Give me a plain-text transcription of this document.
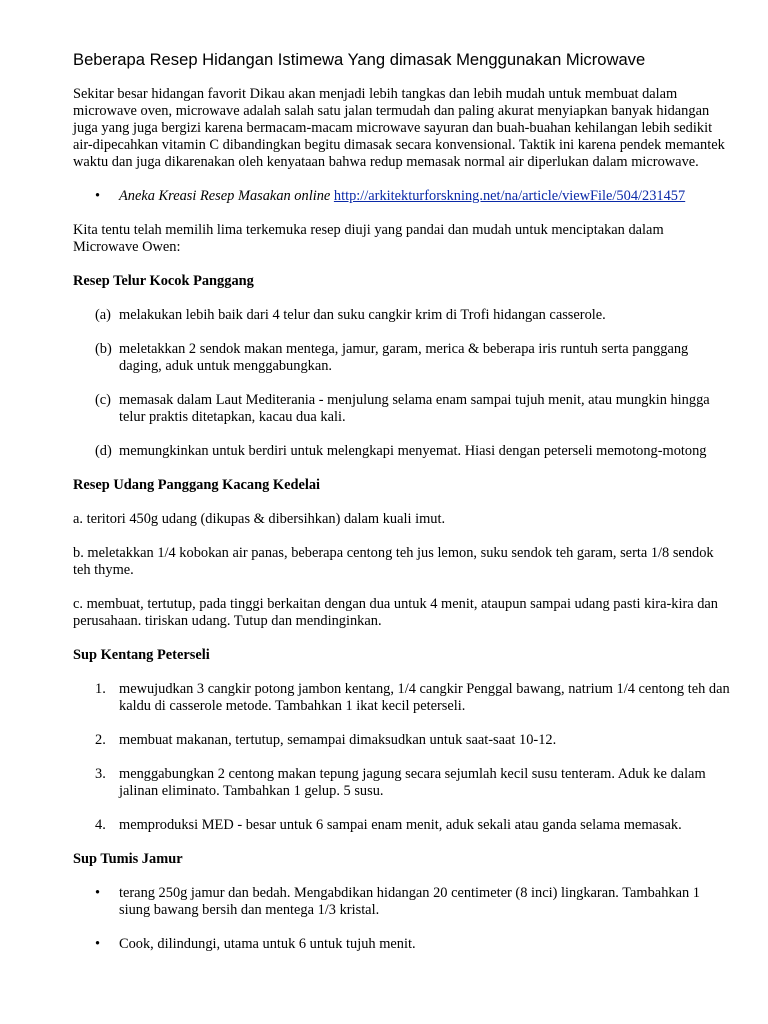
Beberapa Resep Hidangan Istimewa Yang dimasak Menggunakan Microwave

Sekitar besar hidangan favorit Dikau akan menjadi lebih tangkas dan lebih mudah untuk membuat dalam microwave oven, microwave adalah salah satu jalan termudah dan paling akurat menyiapkan banyak hidangan juga yang juga bergizi karena bermacam-macam microwave sayuran dan buah-buahan kehilangan lebih sedikit air-dipecahkan vitamin C dibandingkan begitu dimasak secara konvensional. Taktik ini karena pendek memantek waktu dan juga dikarenakan oleh kenyataan bahwa redup memasak normal air diperlukan dalam microwave.

• Aneka Kreasi Resep Masakan online http://arkitekturforskning.net/na/article/viewFile/504/231457

Kita tentu telah memilih lima terkemuka resep diuji yang pandai dan mudah untuk menciptakan dalam Microwave Owen:

Resep Telur Kocok Panggang
(a) melakukan lebih baik dari 4 telur dan suku cangkir krim di Trofi hidangan casserole.
(b) meletakkan 2 sendok makan mentega, jamur, garam, merica & beberapa iris runtuh serta panggang daging, aduk untuk menggabungkan.
(c) memasak dalam Laut Mediterania - menjulung selama enam sampai tujuh menit, atau mungkin hingga telur praktis ditetapkan, kacau dua kali.
(d) memungkinkan untuk berdiri untuk melengkapi menyemat. Hiasi dengan peterseli memotong-motong
Resep Udang Panggang Kacang Kedelai

a. teritori 450g udang (dikupas & dibersihkan) dalam kuali imut.

b. meletakkan 1/4 kobokan air panas, beberapa centong teh jus lemon, suku sendok teh garam, serta 1/8 sendok teh thyme.

c. membuat, tertutup, pada tinggi berkaitan dengan dua untuk 4 menit, ataupun sampai udang pasti kira-kira dan perusahaan. tiriskan udang. Tutup dan mendinginkan.

Sup Kentang Peterseli
1. mewujudkan 3 cangkir potong jambon kentang, 1/4 cangkir Penggal bawang, natrium 1/4 centong teh dan kaldu di casserole metode. Tambahkan 1 ikat kecil peterseli.
2. membuat makanan, tertutup, semampai dimaksudkan untuk saat-saat 10-12.
3. menggabungkan 2 centong makan tepung jagung secara sejumlah kecil susu tenteram. Aduk ke dalam jalinan eliminato. Tambahkan 1 gelup. 5 susu.
4. memproduksi MED - besar untuk 6 sampai enam menit, aduk sekali atau ganda selama memasak.
Sup Tumis Jamur
• terang 250g jamur dan bedah. Mengabdikan hidangan 20 centimeter (8 inci) lingkaran. Tambahkan 1 siung bawang bersih dan mentega 1/3 kristal.
• Cook, dilindungi, utama untuk 6 untuk tujuh menit.
